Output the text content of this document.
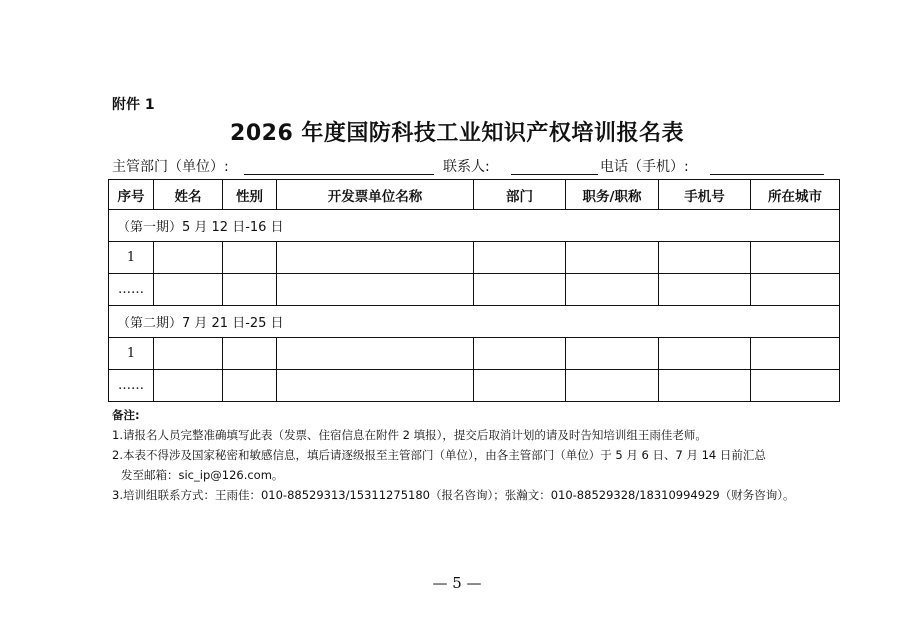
附件 1
2026 年度国防科技工业知识产权培训报名表
主管部门（单位）:	联系人:	电话（手机）:
序号	姓名	性别	开发票单位名称	部门	职务/职称	手机号	所在城市
（第一期）5 月 12 日-16 日							
1							
……							
（第二期）7 月 21 日-25 日							
1							
……							

备注:

1.请报名人员完整准确填写此表（发票、住宿信息在附件 2 填报），提交后取消计划的请及时告知培训组王雨佳老师。

2.本表不得涉及国家秘密和敏感信息，填后请逐级报至主管部门（单位），由各主管部门（单位）于 5 月 6 日、7 月 14 日前汇总

发至邮箱：sic_ip@126.com。

3.培训组联系方式：王雨佳：010-88529313/15311275180（报名咨询）；张瀚文：010-88529328/18310994929（财务咨询）。

— 5 —
